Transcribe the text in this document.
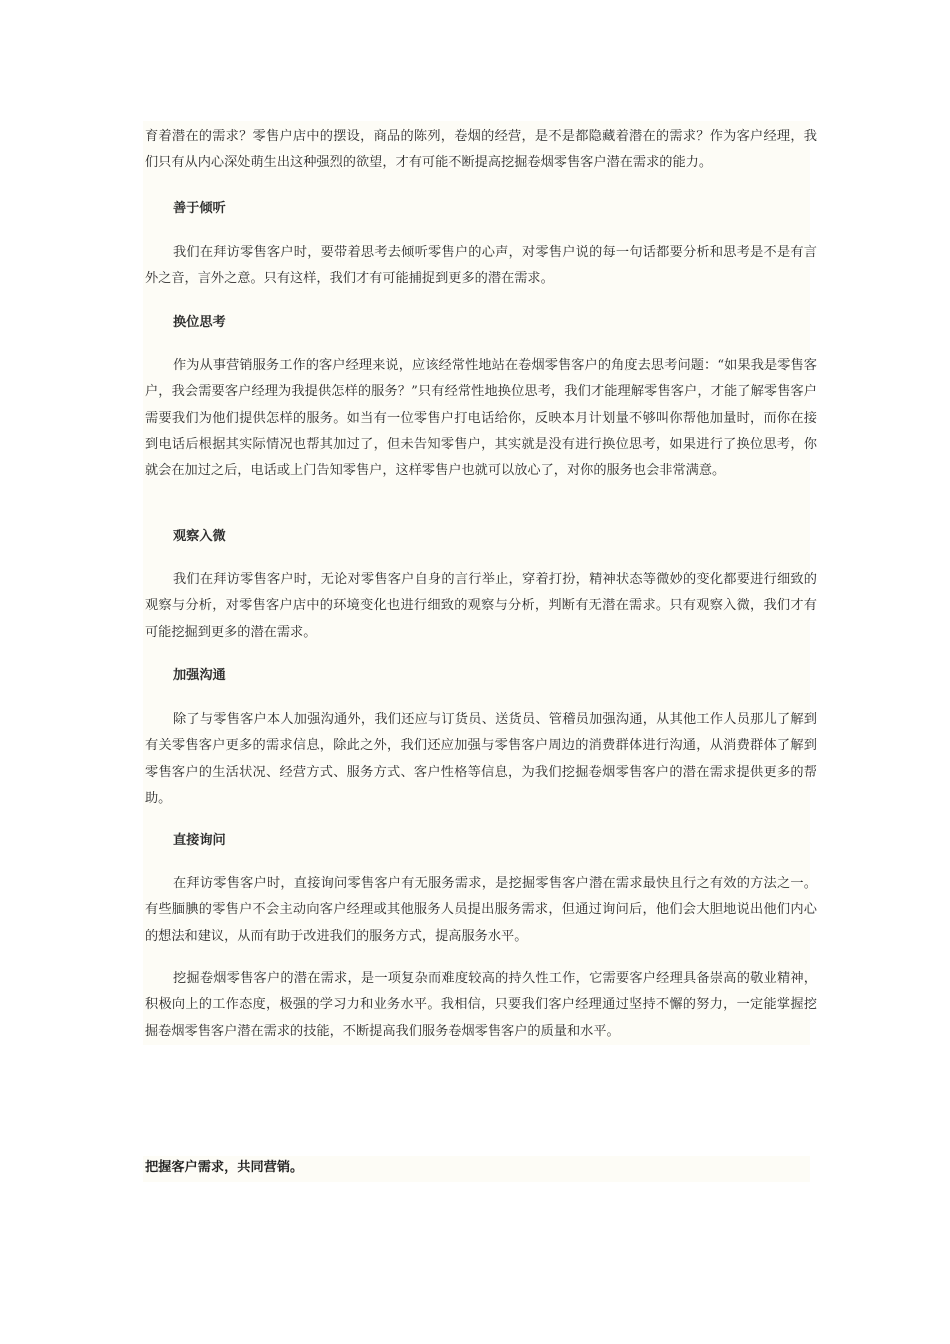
育着潜在的需求？零售户店中的摆设，商品的陈列，卷烟的经营，是不是都隐藏着潜在的需求？作为客户经理，我们只有从内心深处萌生出这种强烈的欲望，才有可能不断提高挖掘卷烟零售客户潜在需求的能力。

善于倾听

我们在拜访零售客户时，要带着思考去倾听零售户的心声，对零售户说的每一句话都要分析和思考是不是有言外之音，言外之意。只有这样，我们才有可能捕捉到更多的潜在需求。

换位思考

作为从事营销服务工作的客户经理来说，应该经常性地站在卷烟零售客户的角度去思考问题：“如果我是零售客户，我会需要客户经理为我提供怎样的服务？”只有经常性地换位思考，我们才能理解零售客户，才能了解零售客户需要我们为他们提供怎样的服务。如当有一位零售户打电话给你，反映本月计划量不够叫你帮他加量时，而你在接到电话后根据其实际情况也帮其加过了，但未告知零售户，其实就是没有进行换位思考，如果进行了换位思考，你就会在加过之后，电话或上门告知零售户，这样零售户也就可以放心了，对你的服务也会非常满意。

观察入微

我们在拜访零售客户时，无论对零售客户自身的言行举止，穿着打扮，精神状态等微妙的变化都要进行细致的观察与分析，对零售客户店中的环境变化也进行细致的观察与分析，判断有无潜在需求。只有观察入微，我们才有可能挖掘到更多的潜在需求。

加强沟通

除了与零售客户本人加强沟通外，我们还应与订货员、送货员、管稽员加强沟通，从其他工作人员那儿了解到有关零售客户更多的需求信息，除此之外，我们还应加强与零售客户周边的消费群体进行沟通，从消费群体了解到零售客户的生活状况、经营方式、服务方式、客户性格等信息，为我们挖掘卷烟零售客户的潜在需求提供更多的帮助。

直接询问

在拜访零售客户时，直接询问零售客户有无服务需求，是挖掘零售客户潜在需求最快且行之有效的方法之一。有些腼腆的零售户不会主动向客户经理或其他服务人员提出服务需求，但通过询问后，他们会大胆地说出他们内心的想法和建议，从而有助于改进我们的服务方式，提高服务水平。

挖掘卷烟零售客户的潜在需求，是一项复杂而难度较高的持久性工作，它需要客户经理具备崇高的敬业精神，积极向上的工作态度，极强的学习力和业务水平。我相信，只要我们客户经理通过坚持不懈的努力，一定能掌握挖掘卷烟零售客户潜在需求的技能，不断提高我们服务卷烟零售客户的质量和水平。

把握客户需求，共同营销。
